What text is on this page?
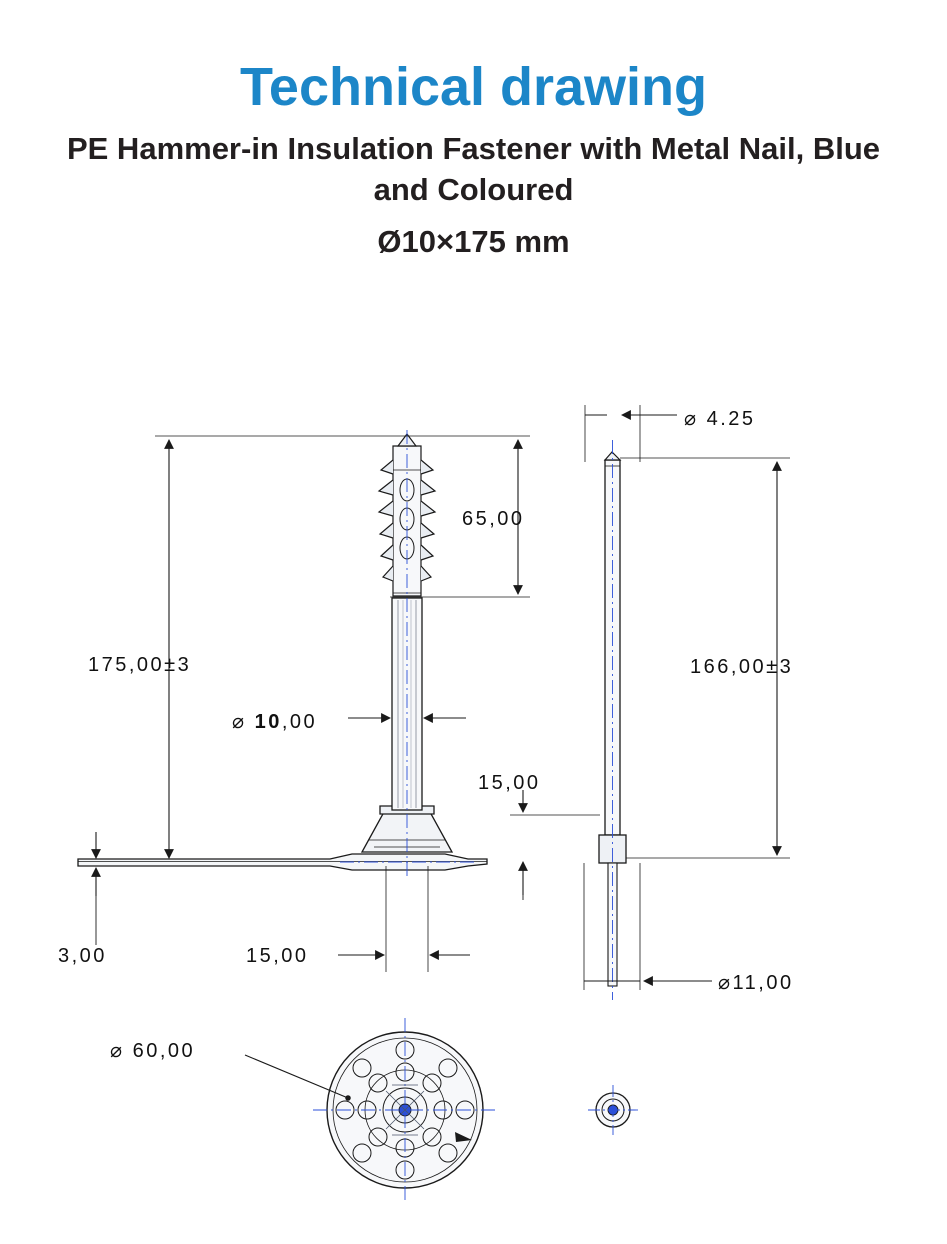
Technical drawing
PE Hammer-in Insulation Fastener with Metal Nail, Blue and Coloured
Ø10×175 mm
65,00
175,00±3
⌀ 10,00
3,00	15,00
⌀ 4.25
166,00±3
15,00
⌀11,00
⌀ 60,00
